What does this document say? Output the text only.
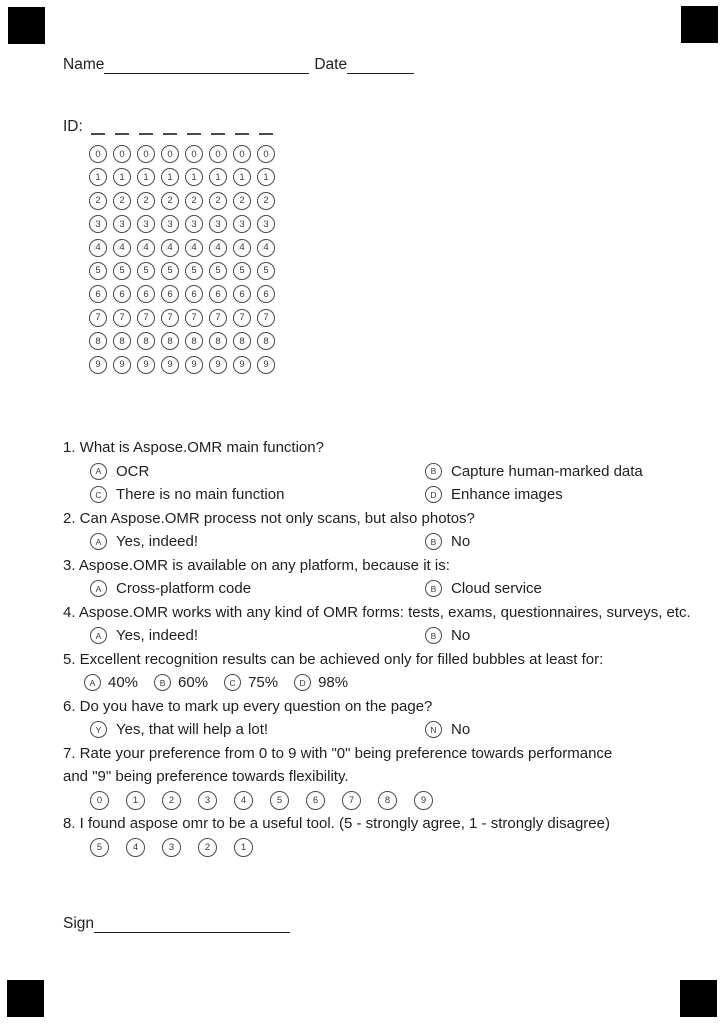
Name	Date
ID:
0	0	0	0	0	0	0	0
1	1	1	1	1	1	1	1
2	2	2	2	2	2	2	2
3	3	3	3	3	3	3	3
4	4	4	4	4	4	4	4
5	5	5	5	5	5	5	5
6	6	6	6	6	6	6	6
7	7	7	7	7	7	7	7
8	8	8	8	8	8	8	8
9	9	9	9	9	9	9	9
1. What is Aspose.OMR main function?
A OCR	B Capture human-marked data
C There is no main function	D Enhance images
2. Can Aspose.OMR process not only scans, but also photos?
A Yes, indeed!	B No
3. Aspose.OMR is available on any platform, because it is:
A Cross-platform code	B Cloud service
4. Aspose.OMR works with any kind of OMR forms: tests, exams, questionnaires, surveys, etc.
A Yes, indeed!	B No
5. Excellent recognition results can be achieved only for filled bubbles at least for:
A 40%	B 60%	C 75%	D 98%
6. Do you have to mark up every question on the page?
Y Yes, that will help a lot!	N No
7. Rate your preference from 0 to 9 with "0" being preference towards performance
and "9" being preference towards flexibility.
0	1	2	3	4	5	6	7	8	9
8. I found aspose omr to be a useful tool. (5 - strongly agree, 1 - strongly disagree)
5	4	3	2	1
Sign
